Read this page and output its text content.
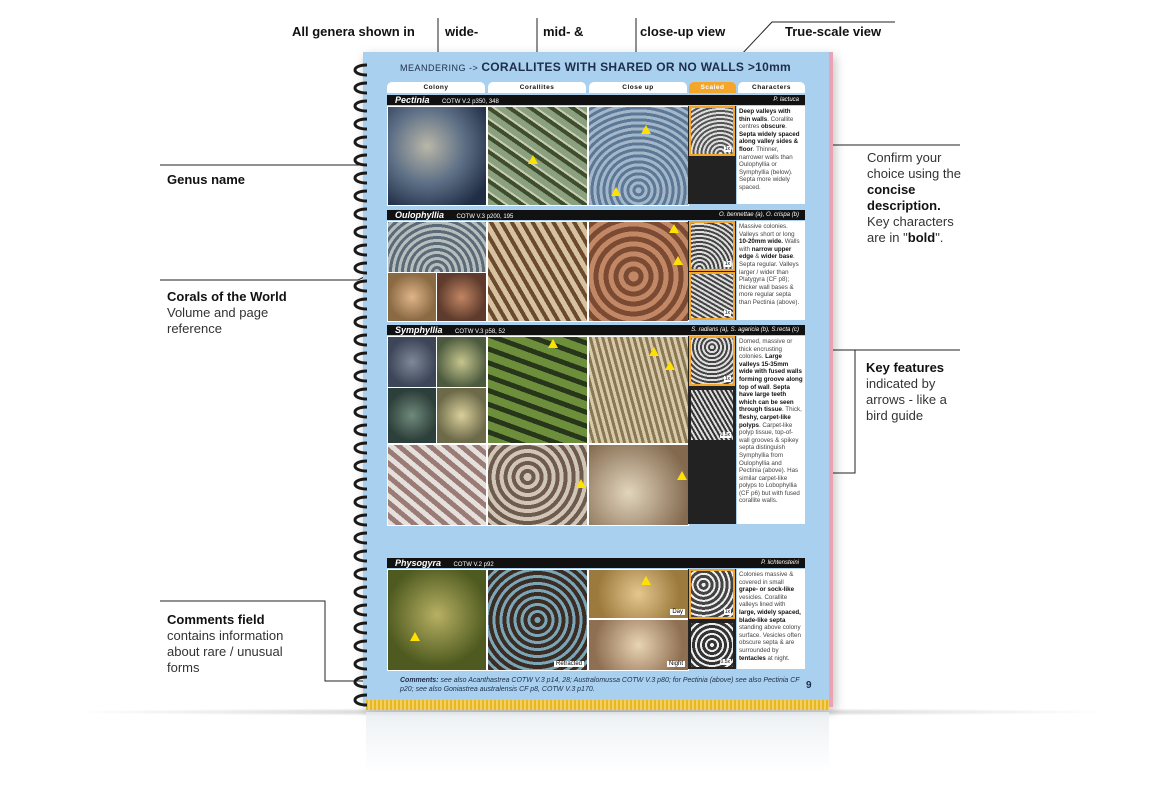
All genera shown in wide-	mid- &	close-up view	True-scale view
Genus name
Corals of the World
Volume and page reference
Confirm your choice using the concise description. Key characters are in "bold".
Key features
indicated by arrows - like a bird guide
Comments field
contains information about rare / unusual forms
MEANDERING -> CORALLITES WITH SHARED OR NO WALLS >10mm
Colony	Corallites	Close up	Scaled	Characters
Pectinia COTW V.2 p350, 348	P. lactuca
1x
Deep valleys with thin walls. Corallite centres obscure. Septa widely spaced along valley sides & floor. Thinner, narrower walls than Oulophyllia or Symphyllia (below). Septa more widely spaced.
Oulophyllia COTW V.3 p200, 195	O. bennettae (a), O. crispa (b)
1x
1x
Massive colonies. Valleys short or long 10-20mm wide. Walls with narrow upper edge & wider base. Septa regular. Valleys larger / wider than Platygyra (CF p8); thicker wall bases & more regular septa than Pectinia (above).
Symphyllia COTW V.3 p58, 52	S. radians (a), S. agaricia (b), S.recta (c)
1x
0.5x
Domed, massive or thick encrusting colonies. Large valleys 15-35mm wide with fused walls forming groove along top of wall. Septa have large teeth which can be seen through tissue. Thick, fleshy, carpet-like polyps. Carpet-like polyp tissue, top-of-wall grooves & spikey septa distinguish Symphyllia from Oulophyllia and Pectinia (above). Has similar carpet-like polyps to Lobophyllia (CF p6) but with fused corallite walls.
Physogyra COTW V.2 p92	P. lichtensteini
Retracted
Day
Night
1x
0.5x
Colonies massive & covered in small grape- or sock-like vesicles. Corallite valleys lined with large, widely spaced, blade-like septa standing above colony surface. Vesicles often obscure septa & are surrounded by tentacles at night.
Comments: see also Acanthastrea COTW V.3 p14, 28; Australomussa COTW V.3 p80; for Pectinia (above) see also Pectinia CF p20; see also Goniastrea australensis CF p8, COTW V.3 p170.	9
